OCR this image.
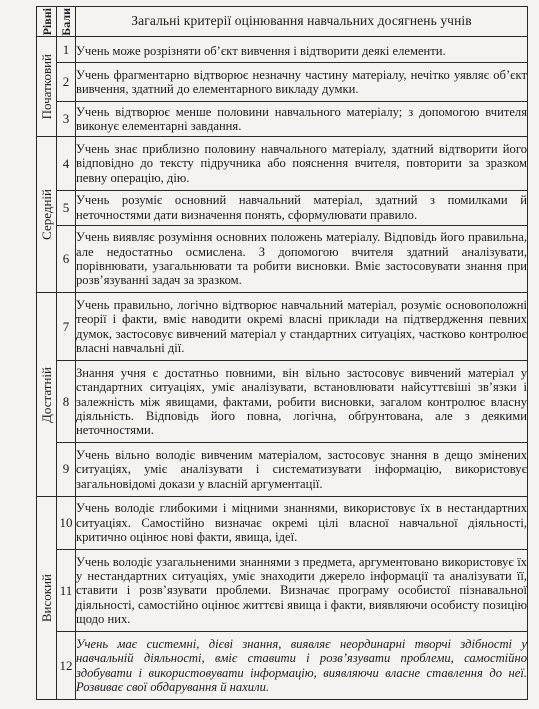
Рівні	Бали	Загальні критерії оцінювання навчальних досягнень учнів

Початковий	1	Учень може розрізняти об’єкт вивчення і відтворити деякі елементи.
	2	Учень фрагментарно відтворює незначну частину матеріалу, нечітко уявляє об’єкт вивчення, здатний до елементарного викладу думки.
	3	Учень відтворює менше половини навчального матеріалу; з допомогою вчителя виконує елементарні завдання.

Середній	4	Учень знає приблизно половину навчального матеріалу, здатний відтворити його відповідно до тексту підручника або пояснення вчителя, повторити за зразком певну операцію, дію.
	5	Учень розуміє основний навчальний матеріал, здатний з помилками й неточностями дати визначення понять, сформулювати правило.
	6	Учень виявляє розуміння основних положень матеріалу. Відповідь його правильна, але недостатньо осмислена. З допомогою вчителя здатний аналізувати, порівнювати, узагальнювати та робити висновки. Вміє застосовувати знання при розв’язуванні задач за зразком.

Достатній	7	Учень правильно, логічно відтворює навчальний матеріал, розуміє основоположні теорії і факти, вміє наводити окремі власні приклади на підтвердження певних думок, застосовує вивчений матеріал у стандартних ситуаціях, частково контролює власні навчальні дії.
	8	Знання учня є достатньо повними, він вільно застосовує вивчений матеріал у стандартних ситуаціях, уміє аналізувати, встановлювати найсуттєвіші зв’язки і залежність між явищами, фактами, робити висновки, загалом контролює власну діяльність. Відповідь його повна, логічна, обґрунтована, але з деякими неточностями.
	9	Учень вільно володіє вивченим матеріалом, застосовує знання в дещо змінених ситуаціях, уміє аналізувати і систематизувати інформацію, використовує загальновідомі докази у власній аргументації.

Високий	10	Учень володіє глибокими і міцними знаннями, використовує їх в нестандартних ситуаціях. Самостійно визначає окремі цілі власної навчальної діяльності, критично оцінює нові факти, явища, ідеї.
	11	Учень володіє узагальненими знаннями з предмета, аргументовано використовує їх у нестандартних ситуаціях, уміє знаходити джерело інформації та аналізувати її, ставити і розв’язувати проблеми. Визначає програму особистої пізнавальної діяльності, самостійно оцінює життєві явища і факти, виявляючи особисту позицію щодо них.
	12	Учень має системні, дієві знання, виявляє неординарні творчі здібності у навчальній діяльності, вміє ставити і розв’язувати проблеми, самостійно здобувати і використовувати інформацію, виявляючи власне ставлення до неї. Розвиває свої обдарування й нахили.
